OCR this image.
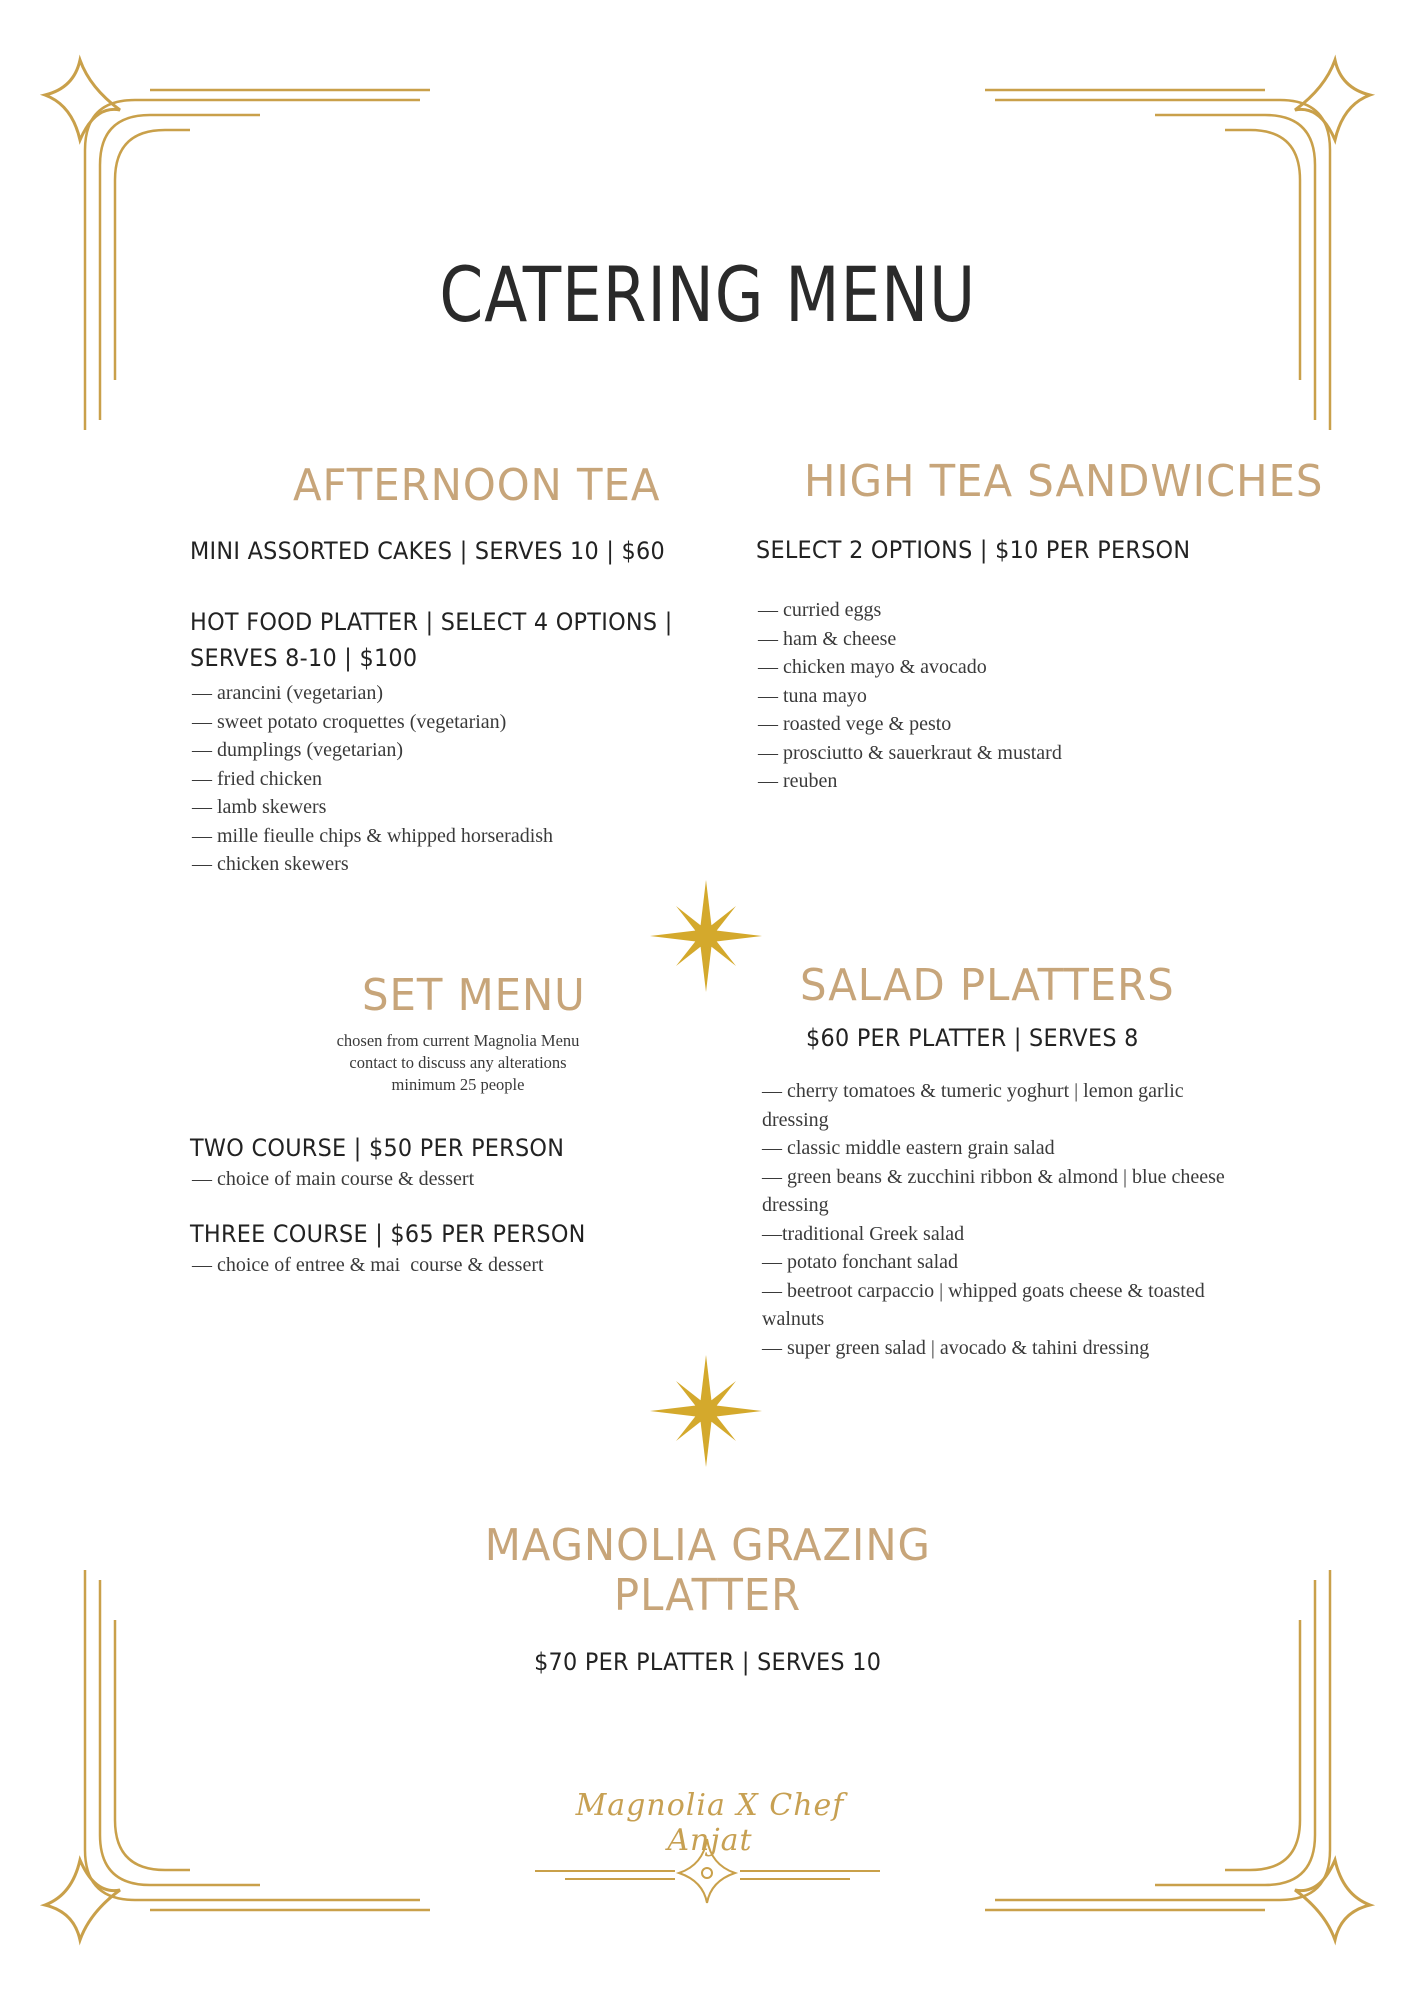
CATERING MENU
AFTERNOON TEA
MINI ASSORTED CAKES | SERVES 10 | $60
HOT FOOD PLATTER | SELECT 4 OPTIONS |
SERVES 8-10 | $100
— arancini (vegetarian)
— sweet potato croquettes (vegetarian)
— dumplings (vegetarian)
— fried chicken
— lamb skewers
— mille fieulle chips & whipped horseradish
— chicken skewers
HIGH TEA SANDWICHES
SELECT 2 OPTIONS | $10 PER PERSON
— curried eggs
— ham & cheese
— chicken mayo & avocado
— tuna mayo
— roasted vege & pesto
— prosciutto & sauerkraut & mustard
— reuben
SET MENU
chosen from current Magnolia Menu
contact to discuss any alterations
minimum 25 people
TWO COURSE | $50 PER PERSON
— choice of main course & dessert
THREE COURSE | $65 PER PERSON
— choice of entree & mai  course & dessert
SALAD PLATTERS
$60 PER PLATTER | SERVES 8
— cherry tomatoes & tumeric yoghurt | lemon garlic dressing
— classic middle eastern grain salad
— green beans & zucchini ribbon & almond | blue cheese dressing
—traditional Greek salad
— potato fonchant salad
— beetroot carpaccio | whipped goats cheese & toasted walnuts
— super green salad | avocado & tahini dressing
MAGNOLIA GRAZING
PLATTER
$70 PER PLATTER | SERVES 10
Magnolia X Chef Anjat
